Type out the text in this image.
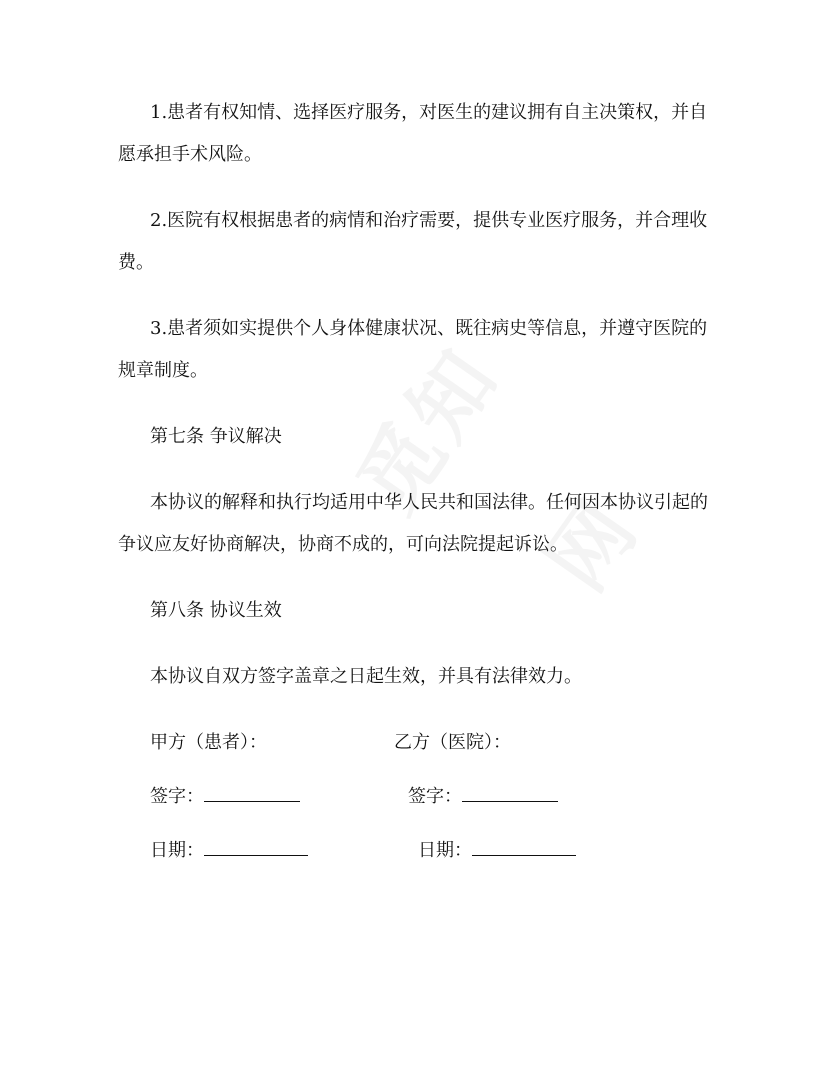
1.患者有权知情、选择医疗服务，对医生的建议拥有自主决策权，并自愿承担手术风险。

2.医院有权根据患者的病情和治疗需要，提供专业医疗服务，并合理收费。

3.患者须如实提供个人身体健康状况、既往病史等信息，并遵守医院的规章制度。

第七条 争议解决

本协议的解释和执行均适用中华人民共和国法律。任何因本协议引起的争议应友好协商解决，协商不成的，可向法院提起诉讼。

第八条 协议生效

本协议自双方签字盖章之日起生效，并具有法律效力。

甲方（患者）：	乙方（医院）：
签字：	签字：
日期：	日期：
